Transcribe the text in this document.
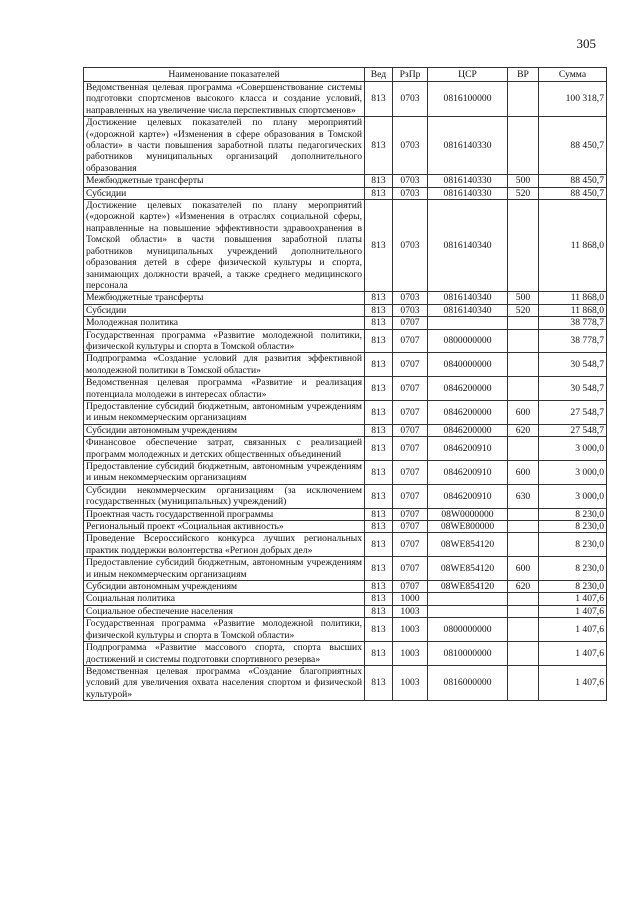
305
Наименование показателей	Вед	РзПр	ЦСР	ВР	Сумма
Ведомственная целевая программа «Совершенствование системы подготовки спортсменов высокого класса и создание условий, направленных на увеличение числа перспективных спортсменов»	813	0703	0816100000		100 318,7
Достижение целевых показателей по плану мероприятий («дорожной карте») «Изменения в сфере образования в Томской области» в части повышения заработной платы педагогических работников муниципальных организаций дополнительного образования	813	0703	0816140330		88 450,7
Межбюджетные трансферты	813	0703	0816140330	500	88 450,7
Субсидии	813	0703	0816140330	520	88 450,7
Достижение целевых показателей по плану мероприятий («дорожной карте») «Изменения в отраслях социальной сферы, направленные на повышение эффективности здравоохранения в Томской области» в части повышения заработной платы работников муниципальных учреждений дополнительного образования детей в сфере физической культуры и спорта, занимающих должности врачей, а также среднего медицинского персонала	813	0703	0816140340		11 868,0
Межбюджетные трансферты	813	0703	0816140340	500	11 868,0
Субсидии	813	0703	0816140340	520	11 868,0
Молодежная политика	813	0707			38 778,7
Государственная программа «Развитие молодежной политики, физической культуры и спорта в Томской области»	813	0707	0800000000		38 778,7
Подпрограмма «Создание условий для развития эффективной молодежной политики в Томской области»	813	0707	0840000000		30 548,7
Ведомственная целевая программа «Развитие и реализация потенциала молодежи в интересах области»	813	0707	0846200000		30 548,7
Предоставление субсидий бюджетным, автономным учреждениям и иным некоммерческим организациям	813	0707	0846200000	600	27 548,7
Субсидии автономным учреждениям	813	0707	0846200000	620	27 548,7
Финансовое обеспечение затрат, связанных с реализацией программ молодежных и детских общественных объединений	813	0707	0846200910		3 000,0
Предоставление субсидий бюджетным, автономным учреждениям и иным некоммерческим организациям	813	0707	0846200910	600	3 000,0
Субсидии некоммерческим организациям (за исключением государственных (муниципальных) учреждений)	813	0707	0846200910	630	3 000,0
Проектная часть государственной программы	813	0707	08W0000000		8 230,0
Региональный проект «Социальная активность»	813	0707	08WE800000		8 230,0
Проведение Всероссийского конкурса лучших региональных практик поддержки волонтерства «Регион добрых дел»	813	0707	08WE854120		8 230,0
Предоставление субсидий бюджетным, автономным учреждениям и иным некоммерческим организациям	813	0707	08WE854120	600	8 230,0
Субсидии автономным учреждениям	813	0707	08WE854120	620	8 230,0
Социальная политика	813	1000			1 407,6
Социальное обеспечение населения	813	1003			1 407,6
Государственная программа «Развитие молодежной политики, физической культуры и спорта в Томской области»	813	1003	0800000000		1 407,6
Подпрограмма «Развитие массового спорта, спорта высших достижений и системы подготовки спортивного резерва»	813	1003	0810000000		1 407,6
Ведомственная целевая программа «Создание благоприятных условий для увеличения охвата населения спортом и физической культурой»	813	1003	0816000000		1 407,6
